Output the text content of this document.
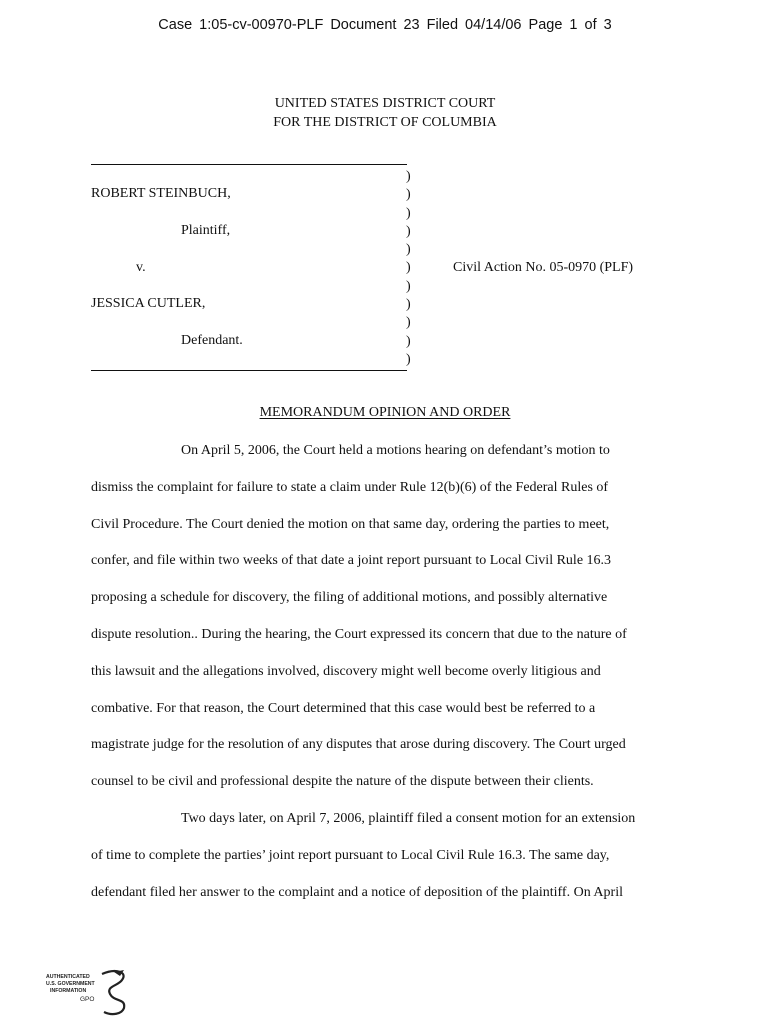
Case 1:05-cv-00970-PLF Document 23 Filed 04/14/06 Page 1 of 3
UNITED STATES DISTRICT COURT
FOR THE DISTRICT OF COLUMBIA
)
)
)
)
)
)
)
)
)
)
)
ROBERT STEINBUCH,
Plaintiff,
v.	Civil Action No. 05-0970 (PLF)
JESSICA CUTLER,
Defendant.
MEMORANDUM OPINION AND ORDER
On April 5, 2006, the Court held a motions hearing on defendant’s motion to
dismiss the complaint for failure to state a claim under Rule 12(b)(6) of the Federal Rules of
Civil Procedure. The Court denied the motion on that same day, ordering the parties to meet,
confer, and file within two weeks of that date a joint report pursuant to Local Civil Rule 16.3
proposing a schedule for discovery, the filing of additional motions, and possibly alternative
dispute resolution.. During the hearing, the Court expressed its concern that due to the nature of
this lawsuit and the allegations involved, discovery might well become overly litigious and
combative. For that reason, the Court determined that this case would best be referred to a
magistrate judge for the resolution of any disputes that arose during discovery. The Court urged
counsel to be civil and professional despite the nature of the dispute between their clients.
Two days later, on April 7, 2006, plaintiff filed a consent motion for an extension
of time to complete the parties’ joint report pursuant to Local Civil Rule 16.3. The same day,
defendant filed her answer to the complaint and a notice of deposition of the plaintiff. On April
AUTHENTICATED
U.S. GOVERNMENT
INFORMATION
GPO
